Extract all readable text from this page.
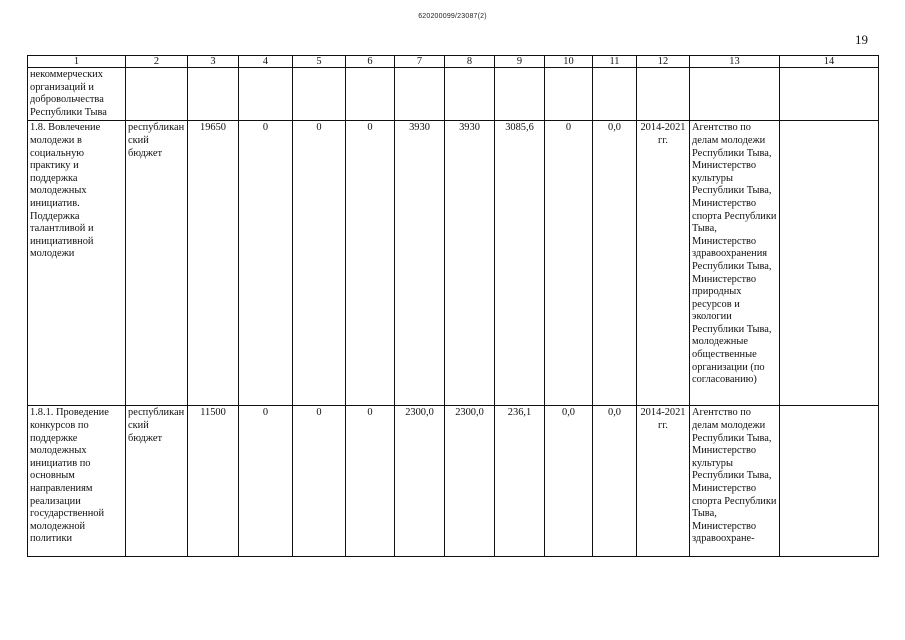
620200099/23087(2)
19
1	2	3	4	5	6	7	8	9	10	11	12	13	14
некоммерческих организаций и добровольчества Республики Тыва													
1.8. Вовлечение молодежи в социальную практику и поддержка молодежных инициатив. Поддержка талантливой и инициативной молодежи	республиканский бюджет	19650	0	0	0	3930	3930	3085,6	0	0,0	2014-2021 гг.	Агентство по делам молодежи Республики Тыва, Министерство культуры Республики Тыва, Министерство спорта Республики Тыва, Министерство здравоохранения Республики Тыва, Министерство природных ресурсов и экологии Республики Тыва, молодежные общественные организации (по согласованию)	
1.8.1. Проведение конкурсов по поддержке молодежных инициатив по основным направлениям реализации государственной молодежной политики	республиканский бюджет	11500	0	0	0	2300,0	2300,0	236,1	0,0	0,0	2014-2021 гг.	Агентство по делам молодежи Республики Тыва, Министерство культуры Республики Тыва, Министерство спорта Республики Тыва, Министерство здравоохране-	
